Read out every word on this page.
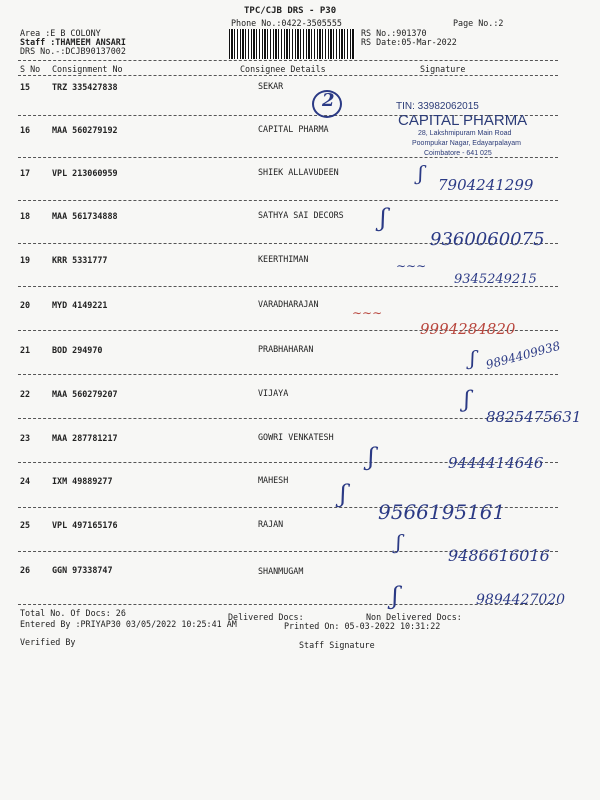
TPC/CJB DRS - P30
Phone No.:0422-3505555
Area :E B COLONY
Staff :THAMEEM ANSARI
DRS No.-:DCJB90137002
RS No.:901370
RS Date:05-Mar-2022
Page No.:2
S No Consignment No	Consignee Details	Signature
15	TRZ 335427838	SEKAR
16	MAA 560279192	CAPITAL PHARMA
17	VPL 213060959	SHIEK ALLAVUDEEN
18	MAA 561734888	SATHYA SAI DECORS
19	KRR 5331777	KEERTHIMAN
20	MYD 4149221	VARADHARAJAN
21	BOD 294970	PRABHAHARAN
22	MAA 560279207	VIJAYA
23	MAA 287781217	GOWRI VENKATESH
24	IXM 49889277	MAHESH
25	VPL 497165176	RAJAN
26	GGN 97338747	SHANMUGAM
2	TIN: 33982062015
CAPITAL PHARMA
28, Lakshmipuram Main Road
Poompukar Nagar, Edayarpalayam
Coimbatore - 641 025
ʃ 7904241299
ʃ
9360060075
∼∼∼
9345249215
∼∼∼
9994284820
ʃ 9894409938
ʃ
8825475631
ʃ	9444414646
ʃ
9566195161
ʃ
9486616016
ʃ	9894427020
Total No. Of Docs: 26	Delivered Docs:	Non Delivered Docs:
Entered By :PRIYAP30 03/05/2022 10:25:41 AM	Printed On: 05-03-2022 10:31:22
Verified By	Staff Signature
